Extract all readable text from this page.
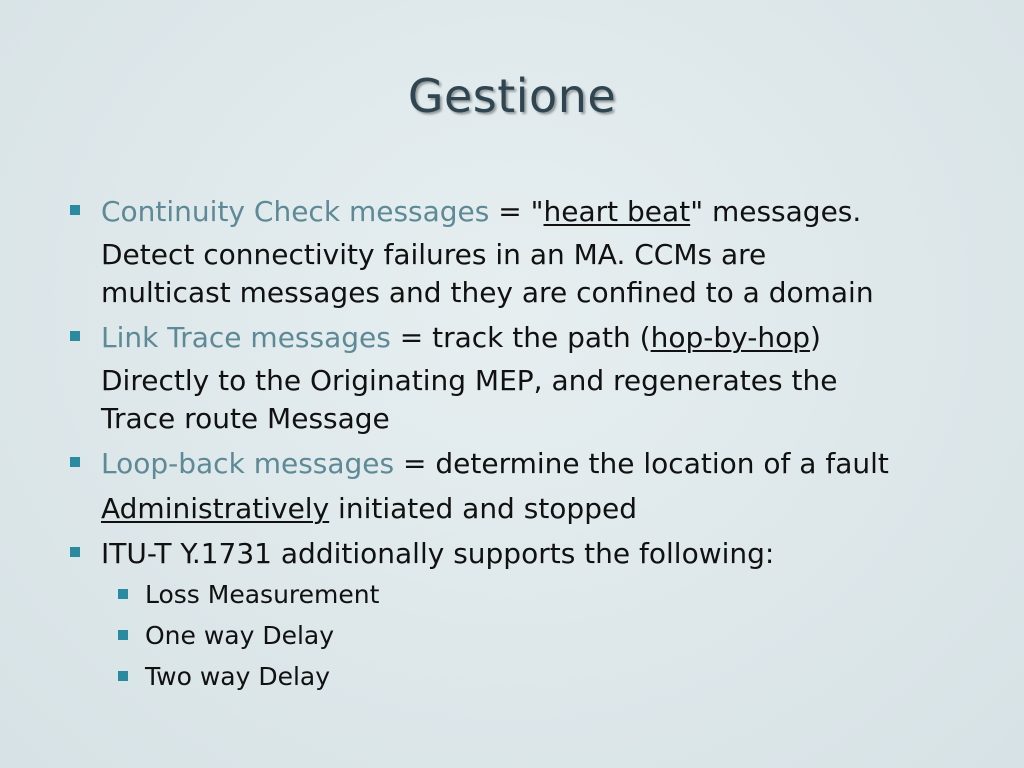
Gestione
Continuity Check messages = "heart beat" messages.
Detect connectivity failures in an MA. CCMs are
multicast messages and they are confined to a domain
Link Trace messages = track the path (hop-by-hop)
Directly to the Originating MEP, and regenerates the
Trace route Message
Loop-back messages = determine the location of a fault
Administratively initiated and stopped
ITU-T Y.1731 additionally supports the following:
Loss Measurement
One way Delay
Two way Delay
